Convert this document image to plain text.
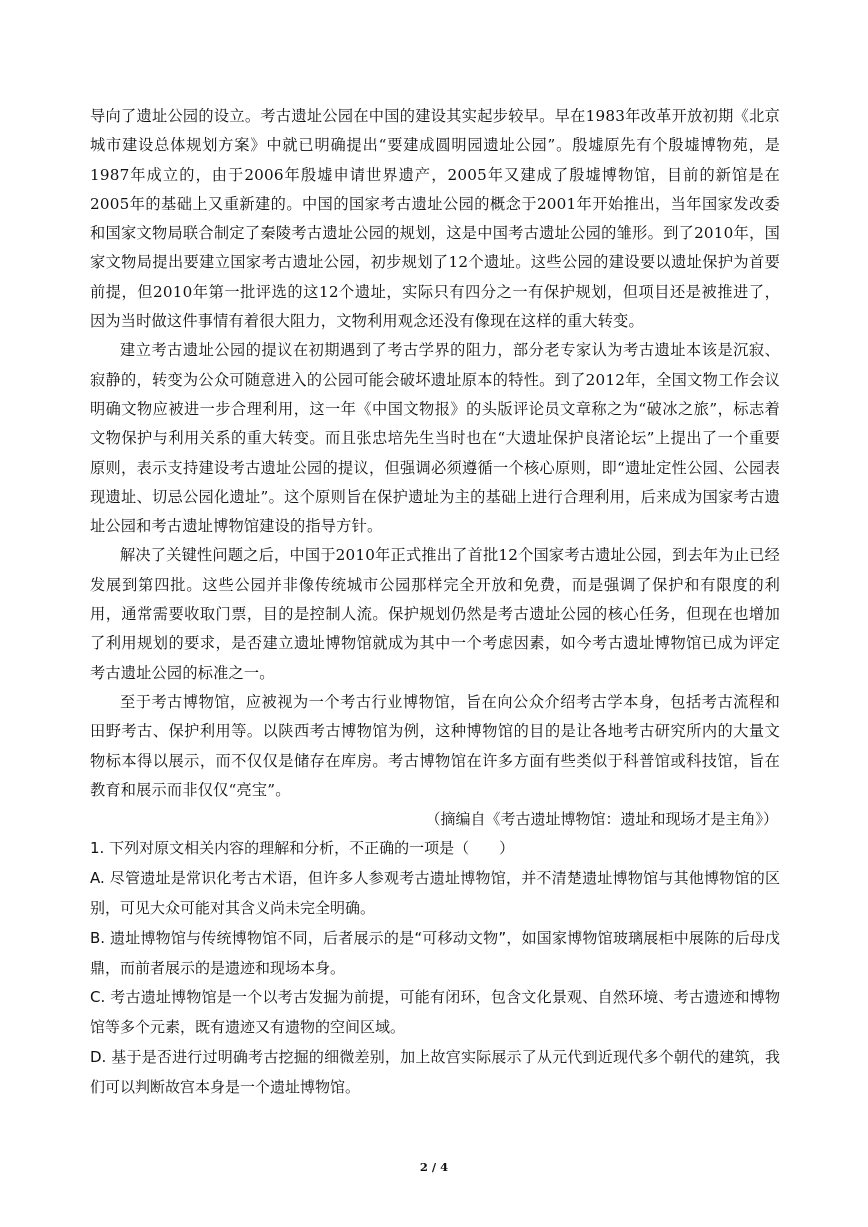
导向了遗址公园的设立。考古遗址公园在中国的建设其实起步较早。早在1983年改革开放初期《北京城市建设总体规划方案》中就已明确提出“要建成圆明园遗址公园”。殷墟原先有个殷墟博物苑，是1987年成立的，由于2006年殷墟申请世界遗产，2005年又建成了殷墟博物馆，目前的新馆是在2005年的基础上又重新建的。中国的国家考古遗址公园的概念于2001年开始推出，当年国家发改委和国家文物局联合制定了秦陵考古遗址公园的规划，这是中国考古遗址公园的雏形。到了2010年，国家文物局提出要建立国家考古遗址公园，初步规划了12个遗址。这些公园的建设要以遗址保护为首要前提，但2010年第一批评选的这12个遗址，实际只有四分之一有保护规划，但项目还是被推进了，因为当时做这件事情有着很大阻力，文物利用观念还没有像现在这样的重大转变。

建立考古遗址公园的提议在初期遇到了考古学界的阻力，部分老专家认为考古遗址本该是沉寂、寂静的，转变为公众可随意进入的公园可能会破坏遗址原本的特性。到了2012年，全国文物工作会议明确文物应被进一步合理利用，这一年《中国文物报》的头版评论员文章称之为“破冰之旅”，标志着文物保护与利用关系的重大转变。而且张忠培先生当时也在“大遗址保护良渚论坛”上提出了一个重要原则，表示支持建设考古遗址公园的提议，但强调必须遵循一个核心原则，即“遗址定性公园、公园表现遗址、切忌公园化遗址”。这个原则旨在保护遗址为主的基础上进行合理利用，后来成为国家考古遗址公园和考古遗址博物馆建设的指导方针。

解决了关键性问题之后，中国于2010年正式推出了首批12个国家考古遗址公园，到去年为止已经发展到第四批。这些公园并非像传统城市公园那样完全开放和免费，而是强调了保护和有限度的利用，通常需要收取门票，目的是控制人流。保护规划仍然是考古遗址公园的核心任务，但现在也增加了利用规划的要求，是否建立遗址博物馆就成为其中一个考虑因素，如今考古遗址博物馆已成为评定考古遗址公园的标准之一。

至于考古博物馆，应被视为一个考古行业博物馆，旨在向公众介绍考古学本身，包括考古流程和田野考古、保护利用等。以陕西考古博物馆为例，这种博物馆的目的是让各地考古研究所内的大量文物标本得以展示，而不仅仅是储存在库房。考古博物馆在许多方面有些类似于科普馆或科技馆，旨在教育和展示而非仅仅“亮宝”。

（摘编自《考古遗址博物馆：遗址和现场才是主角》）

1. 下列对原文相关内容的理解和分析，不正确的一项是（　　）

A. 尽管遗址是常识化考古术语，但许多人参观考古遗址博物馆，并不清楚遗址博物馆与其他博物馆的区别，可见大众可能对其含义尚未完全明确。

B. 遗址博物馆与传统博物馆不同，后者展示的是“可移动文物”，如国家博物馆玻璃展柜中展陈的后母戊鼎，而前者展示的是遗迹和现场本身。

C. 考古遗址博物馆是一个以考古发掘为前提，可能有闭环，包含文化景观、自然环境、考古遗迹和博物馆等多个元素，既有遗迹又有遗物的空间区域。

D. 基于是否进行过明确考古挖掘的细微差别，加上故宫实际展示了从元代到近现代多个朝代的建筑，我们可以判断故宫本身是一个遗址博物馆。

2 / 4
